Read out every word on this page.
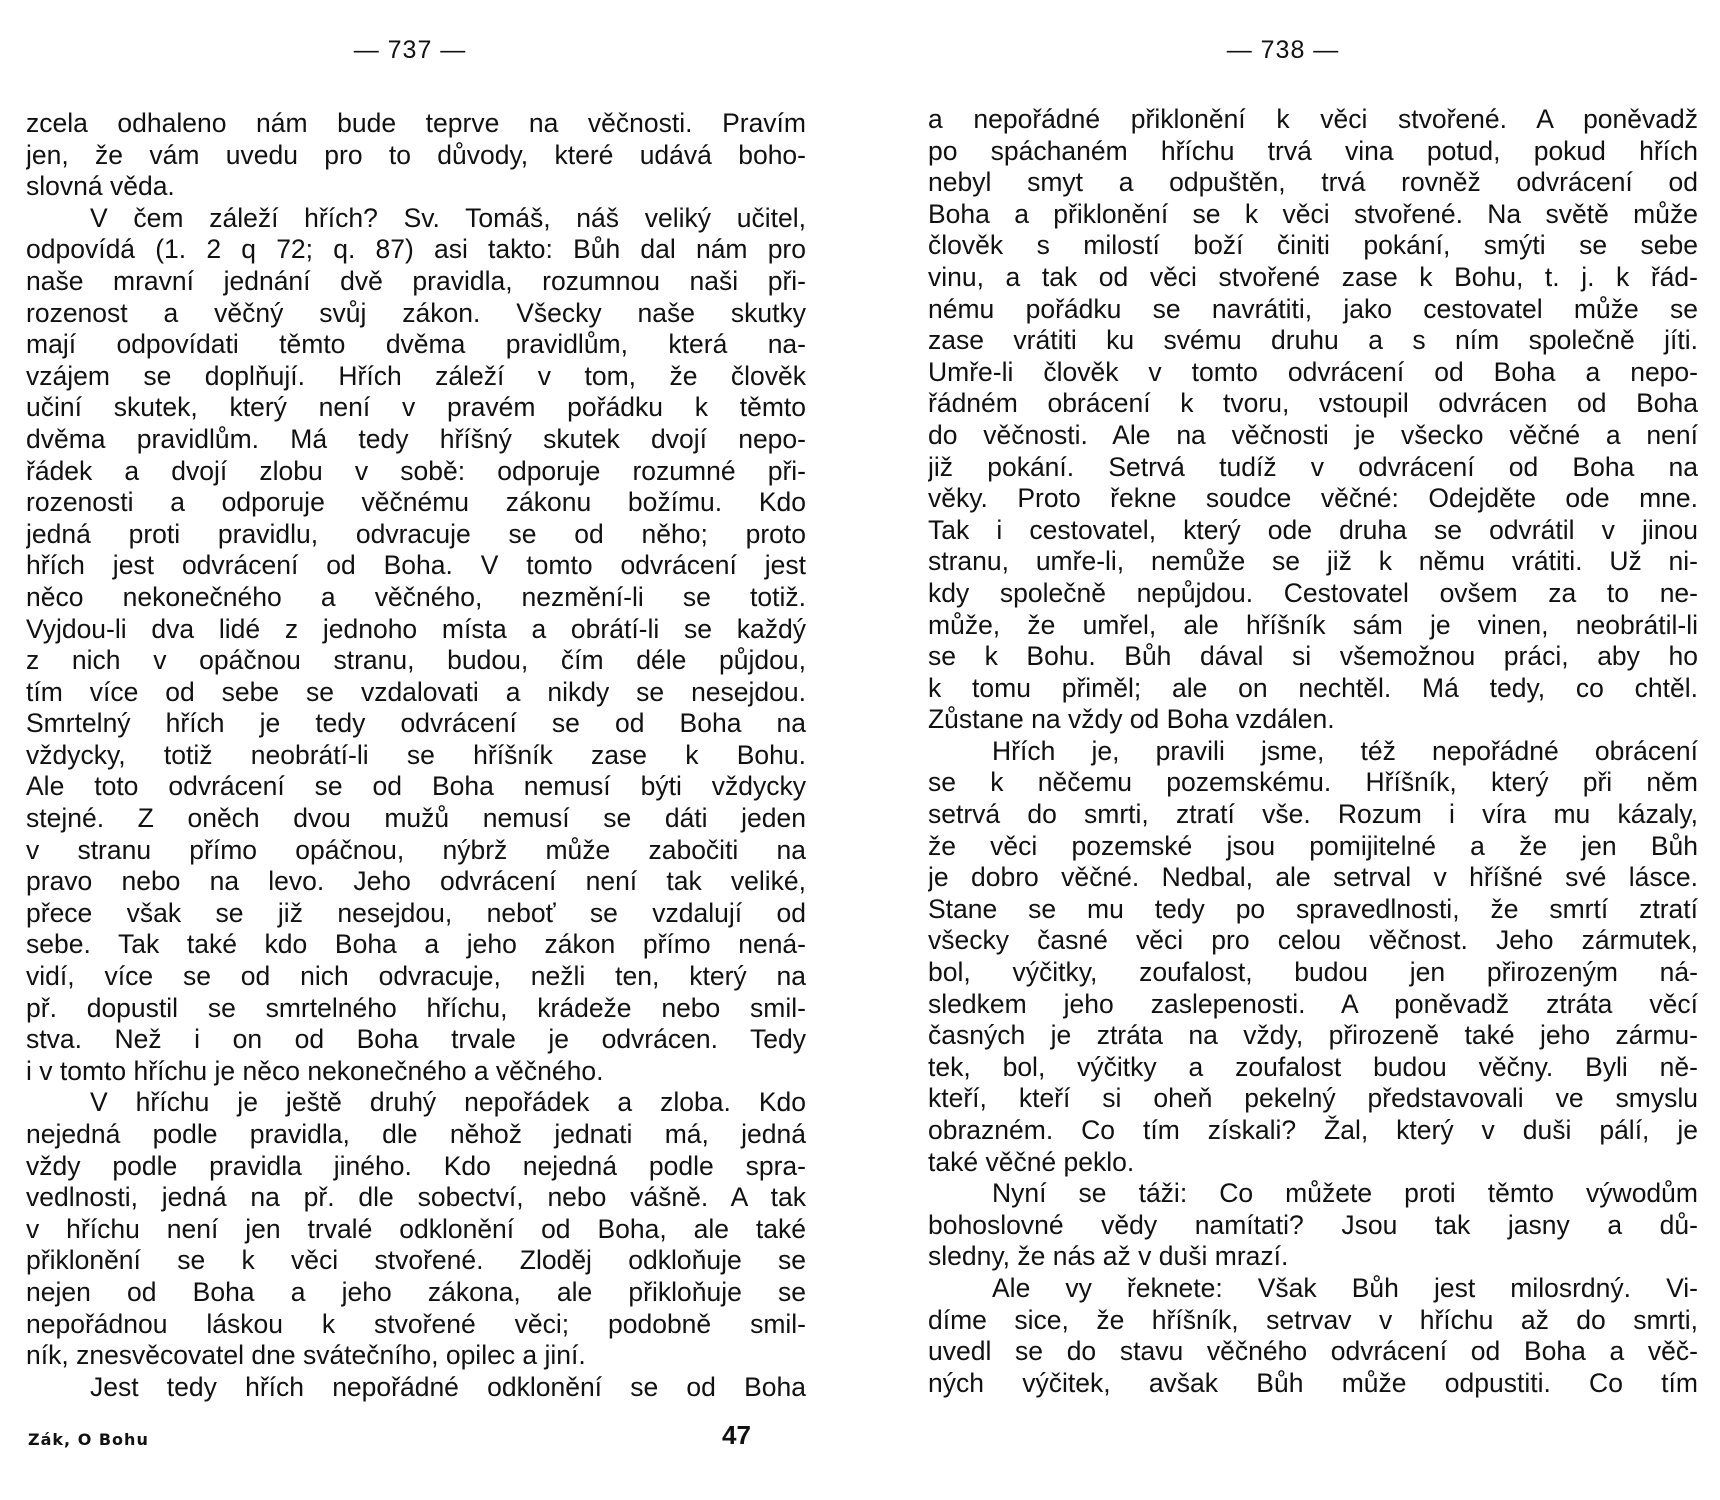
— 737 —
zcela odhaleno nám bude teprve na věčnosti. Pravím
jen, že vám uvedu pro to důvody, které udává boho-
slovná věda.
V čem záleží hřích? Sv. Tomáš, náš veliký učitel,
odpovídá (1. 2 q 72; q. 87) asi takto: Bůh dal nám pro
naše mravní jednání dvě pravidla, rozumnou naši při-
rozenost a věčný svůj zákon. Všecky naše skutky
mají odpovídati těmto dvěma pravidlům, která na-
vzájem se doplňují. Hřích záleží v tom, že člověk
učiní skutek, který není v pravém pořádku k těmto
dvěma pravidlům. Má tedy hříšný skutek dvojí nepo-
řádek a dvojí zlobu v sobě: odporuje rozumné při-
rozenosti a odporuje věčnému zákonu božímu. Kdo
jedná proti pravidlu, odvracuje se od něho; proto
hřích jest odvrácení od Boha. V tomto odvrácení jest
něco nekonečného a věčného, nezmění-li se totiž.
Vyjdou-li dva lidé z jednoho místa a obrátí-li se každý
z nich v opáčnou stranu, budou, čím déle půjdou,
tím více od sebe se vzdalovati a nikdy se nesejdou.
Smrtelný hřích je tedy odvrácení se od Boha na
vždycky, totiž neobrátí-li se hříšník zase k Bohu.
Ale toto odvrácení se od Boha nemusí býti vždycky
stejné. Z oněch dvou mužů nemusí se dáti jeden
v stranu přímo opáčnou, nýbrž může zabočiti na
pravo nebo na levo. Jeho odvrácení není tak veliké,
přece však se již nesejdou, neboť se vzdalují od
sebe. Tak také kdo Boha a jeho zákon přímo nená-
vidí, více se od nich odvracuje, nežli ten, který na
př. dopustil se smrtelného hříchu, krádeže nebo smil-
stva. Než i on od Boha trvale je odvrácen. Tedy
i v tomto hříchu je něco nekonečného a věčného.
V hříchu je ještě druhý nepořádek a zloba. Kdo
nejedná podle pravidla, dle něhož jednati má, jedná
vždy podle pravidla jiného. Kdo nejedná podle spra-
vedlnosti, jedná na př. dle sobectví, nebo vášně. A tak
v hříchu není jen trvalé odklonění od Boha, ale také
přiklonění se k věci stvořené. Zloděj odkloňuje se
nejen od Boha a jeho zákona, ale přikloňuje se
nepořádnou láskou k stvořené věci; podobně smil-
ník, znesvěcovatel dne svátečního, opilec a jiní.
Jest tedy hřích nepořádné odklonění se od Boha
Zák, O Bohu	47
— 738 —
a nepořádné přiklonění k věci stvořené. A poněvadž
po spáchaném hříchu trvá vina potud, pokud hřích
nebyl smyt a odpuštěn, trvá rovněž odvrácení od
Boha a přiklonění se k věci stvořené. Na světě může
člověk s milostí boží činiti pokání, smýti se sebe
vinu, a tak od věci stvořené zase k Bohu, t. j. k řád-
nému pořádku se navrátiti, jako cestovatel může se
zase vrátiti ku svému druhu a s ním společně jíti.
Umře-li člověk v tomto odvrácení od Boha a nepo-
řádném obrácení k tvoru, vstoupil odvrácen od Boha
do věčnosti. Ale na věčnosti je všecko věčné a není
již pokání. Setrvá tudíž v odvrácení od Boha na
věky. Proto řekne soudce věčné: Odejděte ode mne.
Tak i cestovatel, který ode druha se odvrátil v jinou
stranu, umře-li, nemůže se již k němu vrátiti. Už ni-
kdy společně nepůjdou. Cestovatel ovšem za to ne-
může, že umřel, ale hříšník sám je vinen, neobrátil-li
se k Bohu. Bůh dával si všemožnou práci, aby ho
k tomu přiměl; ale on nechtěl. Má tedy, co chtěl.
Zůstane na vždy od Boha vzdálen.
Hřích je, pravili jsme, též nepořádné obrácení
se k něčemu pozemskému. Hříšník, který při něm
setrvá do smrti, ztratí vše. Rozum i víra mu kázaly,
že věci pozemské jsou pomijitelné a že jen Bůh
je dobro věčné. Nedbal, ale setrval v hříšné své lásce.
Stane se mu tedy po spravedlnosti, že smrtí ztratí
všecky časné věci pro celou věčnost. Jeho zármutek,
bol, výčitky, zoufalost, budou jen přirozeným ná-
sledkem jeho zaslepenosti. A poněvadž ztráta věcí
časných je ztráta na vždy, přirozeně také jeho zármu-
tek, bol, výčitky a zoufalost budou věčny. Byli ně-
kteří, kteří si oheň pekelný představovali ve smyslu
obrazném. Co tím získali? Žal, který v duši pálí, je
také věčné peklo.
Nyní se táži: Co můžete proti těmto výwodům
bohoslovné vědy namítati? Jsou tak jasny a dů-
sledny, že nás až v duši mrazí.
Ale vy řeknete: Však Bůh jest milosrdný. Vi-
díme sice, že hříšník, setrvav v hříchu až do smrti,
uvedl se do stavu věčného odvrácení od Boha a věč-
ných výčitek, avšak Bůh může odpustiti. Co tím
